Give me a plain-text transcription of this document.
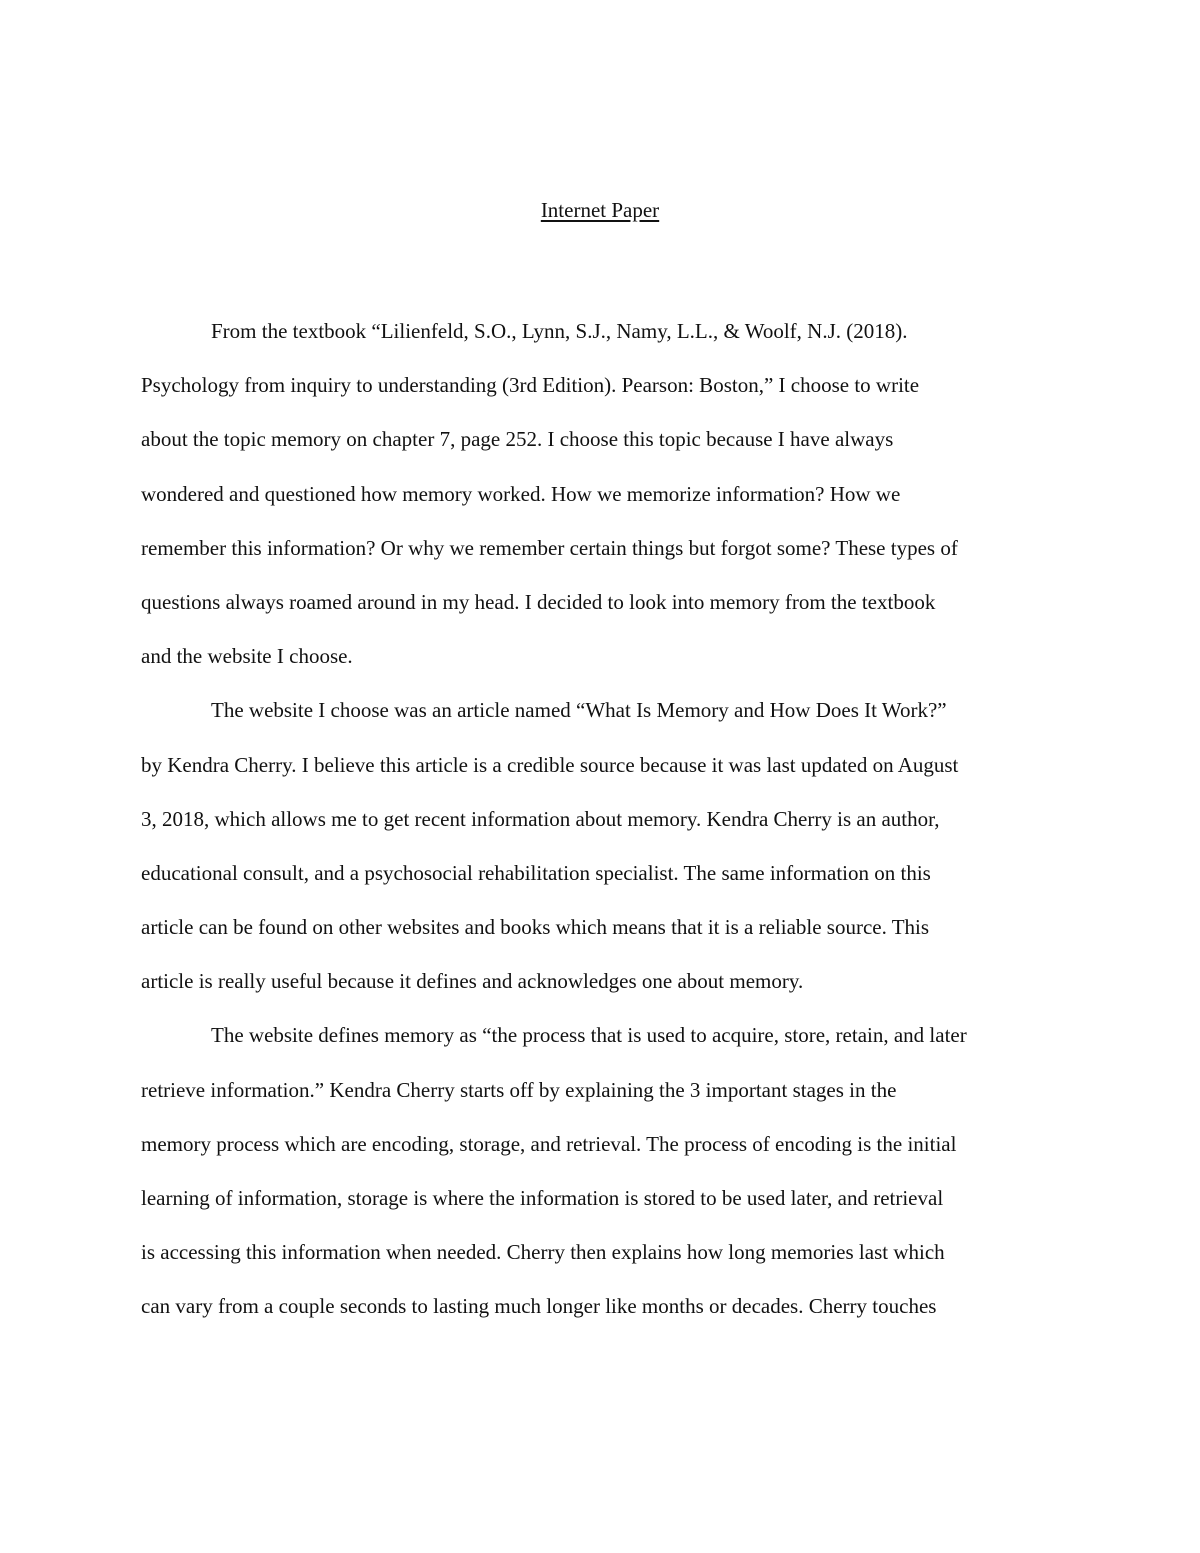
Internet Paper
From the textbook “Lilienfeld, S.O., Lynn, S.J., Namy, L.L., & Woolf, N.J. (2018).
Psychology from inquiry to understanding (3rd Edition). Pearson: Boston,” I choose to write
about the topic memory on chapter 7, page 252. I choose this topic because I have always
wondered and questioned how memory worked. How we memorize information? How we
remember this information? Or why we remember certain things but forgot some? These types of
questions always roamed around in my head. I decided to look into memory from the textbook
and the website I choose.
The website I choose was an article named “What Is Memory and How Does It Work?”
by Kendra Cherry. I believe this article is a credible source because it was last updated on August
3, 2018, which allows me to get recent information about memory. Kendra Cherry is an author,
educational consult, and a psychosocial rehabilitation specialist. The same information on this
article can be found on other websites and books which means that it is a reliable source. This
article is really useful because it defines and acknowledges one about memory.
The website defines memory as “the process that is used to acquire, store, retain, and later
retrieve information.” Kendra Cherry starts off by explaining the 3 important stages in the
memory process which are encoding, storage, and retrieval. The process of encoding is the initial
learning of information, storage is where the information is stored to be used later, and retrieval
is accessing this information when needed. Cherry then explains how long memories last which
can vary from a couple seconds to lasting much longer like months or decades. Cherry touches
